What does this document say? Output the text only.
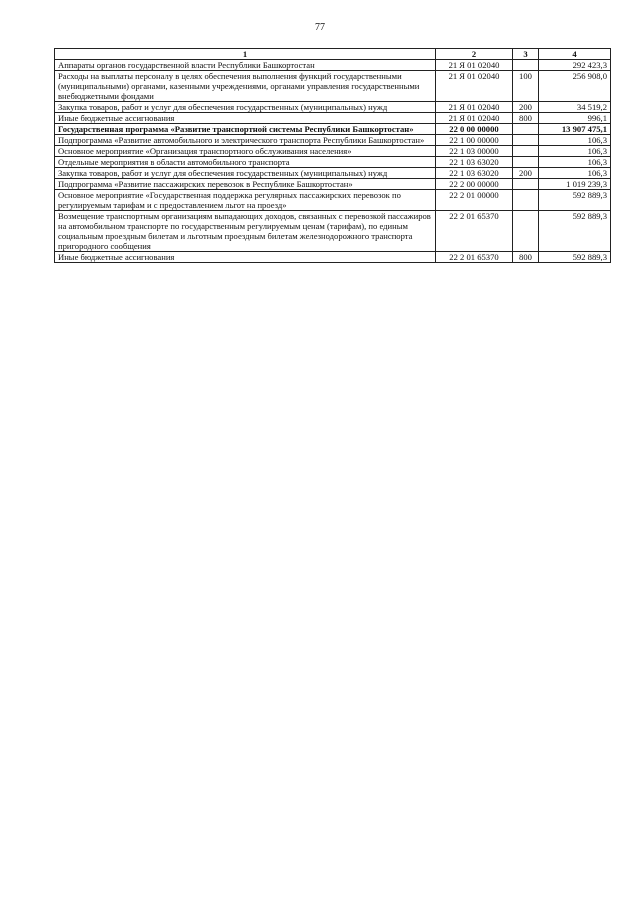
77
1	2	3	4
Аппараты органов государственной власти Республики Башкортостан	21 Я 01 02040		292 423,3
Расходы на выплаты персоналу в целях обеспечения выполнения функций государственными (муниципальными) органами, казенными учреждениями, органами управления государственными внебюджетными фондами	21 Я 01 02040	100	256 908,0
Закупка товаров, работ и услуг для обеспечения государственных (муниципальных) нужд	21 Я 01 02040	200	34 519,2
Иные бюджетные ассигнования	21 Я 01 02040	800	996,1
Государственная программа «Развитие транспортной системы Республики Башкортостан»	22 0 00 00000		13 907 475,1
Подпрограмма «Развитие автомобильного и электрического транспорта Республики Башкортостан»	22 1 00 00000		106,3
Основное мероприятие «Организация транспортного обслуживания населения»	22 1 03 00000		106,3
Отдельные мероприятия в области автомобильного транспорта	22 1 03 63020		106,3
Закупка товаров, работ и услуг для обеспечения государственных (муниципальных) нужд	22 1 03 63020	200	106,3
Подпрограмма «Развитие пассажирских перевозок в Республике Башкортостан»	22 2 00 00000		1 019 239,3
Основное мероприятие «Государственная поддержка регулярных пассажирских перевозок по регулируемым тарифам и с предоставлением льгот на проезд»	22 2 01 00000		592 889,3
Возмещение транспортным организациям выпадающих доходов, связанных с перевозкой пассажиров на автомобильном транспорте по государственным регулируемым ценам (тарифам), по единым социальным проездным билетам и льготным проездным билетам железнодорожного транспорта пригородного сообщения	22 2 01 65370		592 889,3
Иные бюджетные ассигнования	22 2 01 65370	800	592 889,3
